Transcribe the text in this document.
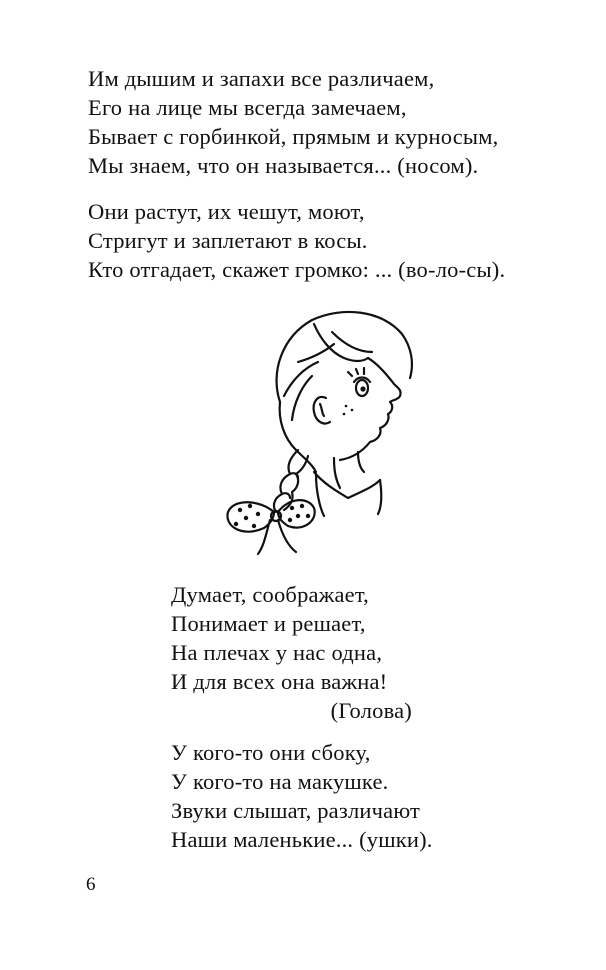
Им дышим и запахи все различаем,
Его на лице мы всегда замечаем,
Бывает с горбинкой, прямым и курносым,
Мы знаем, что он называется... (носом).
Они растут, их чешут, моют,
Стригут и заплетают в косы.
Кто отгадает, скажет громко: ... (во-ло-сы).
Думает, соображает,
Понимает и решает,
На плечах у нас одна,
И для всех она важна!
(Голова)
У кого-то они сбоку,
У кого-то на макушке.
Звуки слышат, различают
Наши маленькие... (ушки).
6
